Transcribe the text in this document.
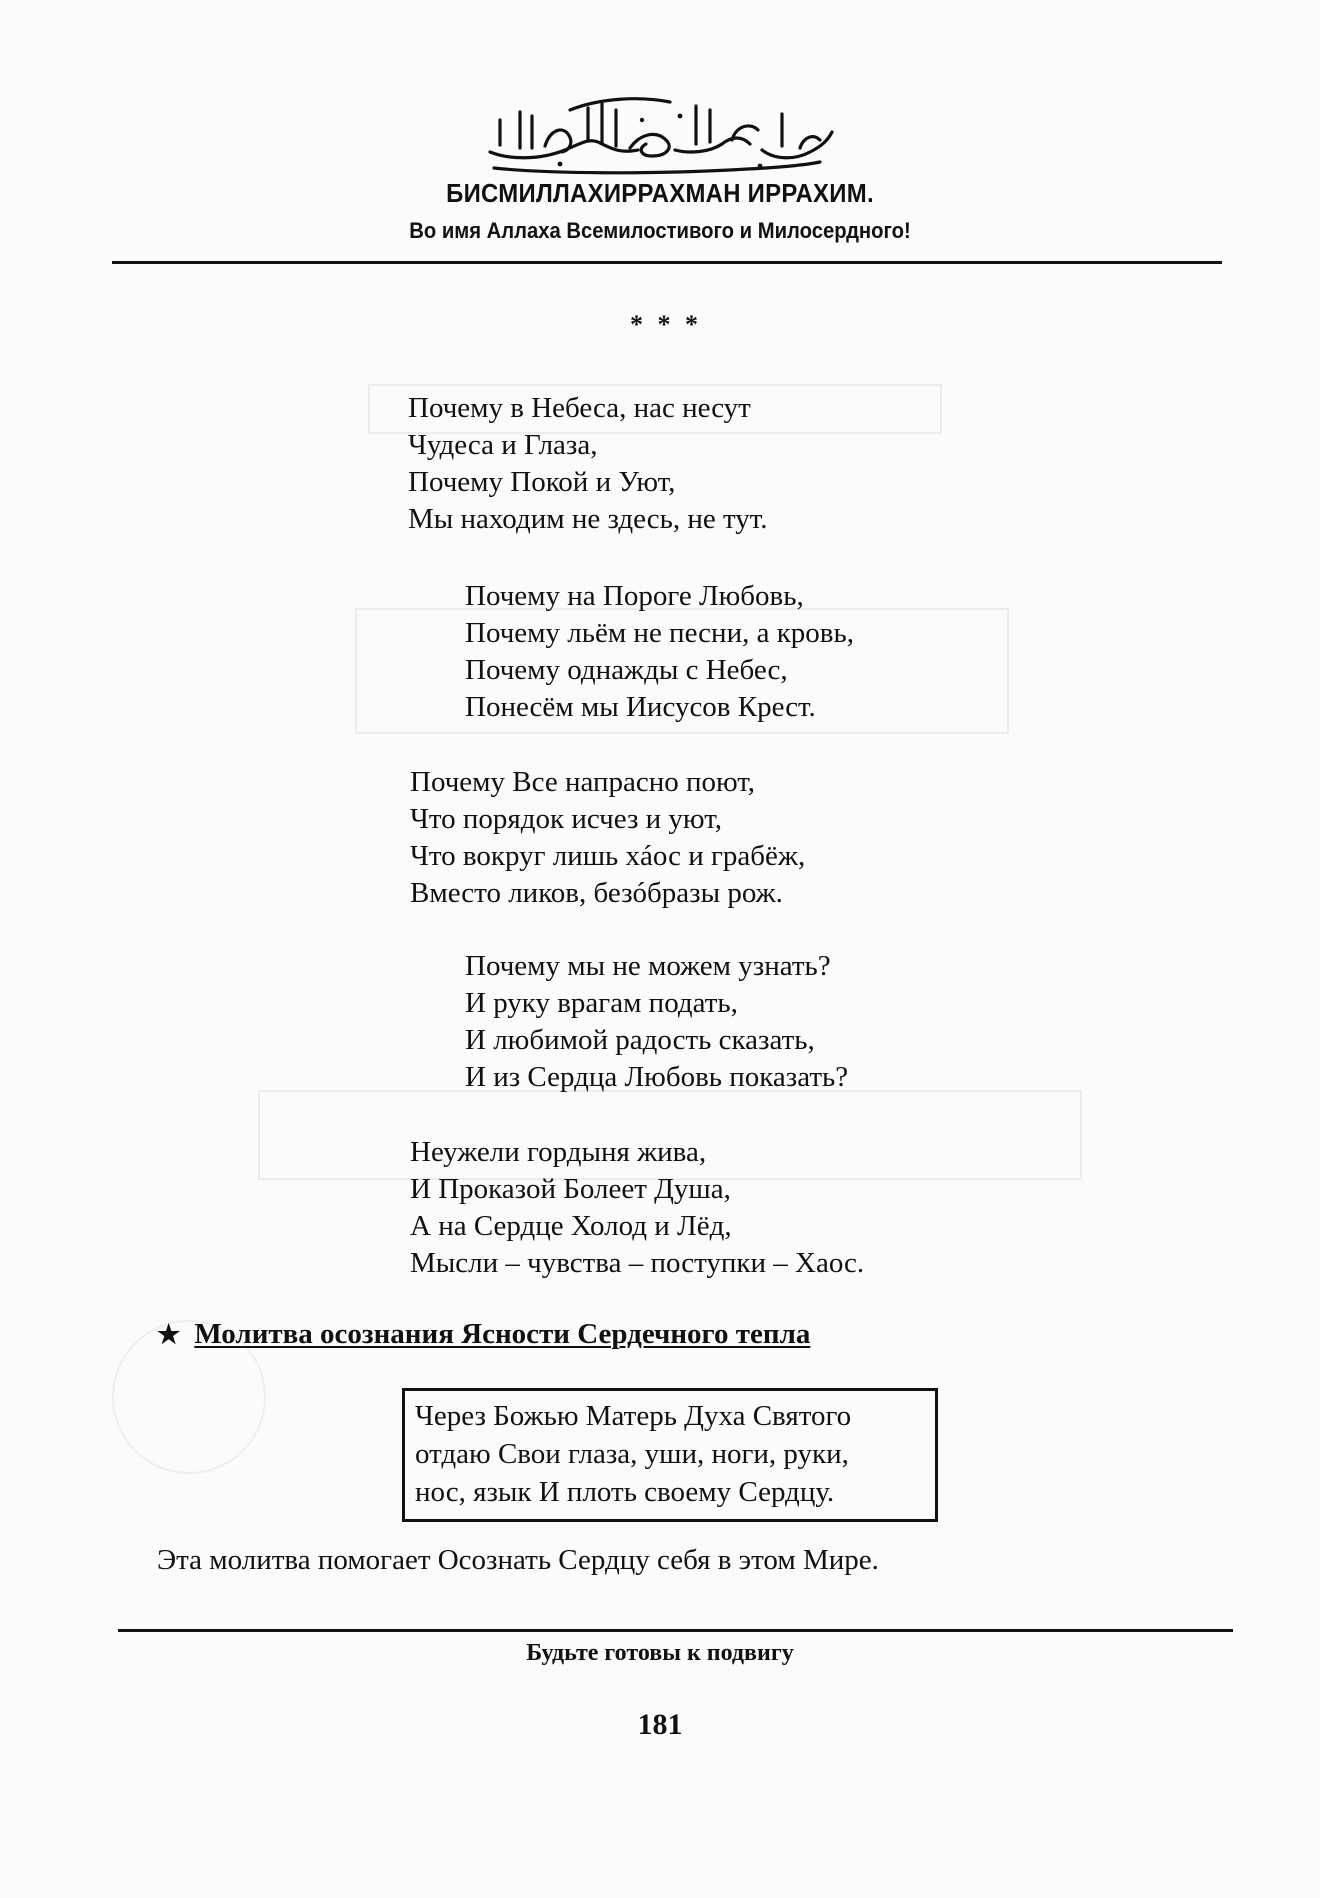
БИСМИЛЛАХИРРАХМАН ИРРАХИМ.
Во имя Аллаха Всемилостивого и Милосердного!
* * *
Почему в Небеса, нас несут
Чудеса и Глаза,
Почему Покой и Уют,
Мы находим не здесь, не тут.
Почему на Пороге Любовь,
Почему льём не песни, а кровь,
Почему однажды с Небес,
Понесём мы Иисусов Крест.
Почему Все напрасно поют,
Что порядок исчез и уют,
Что вокруг лишь хáос и грабёж,
Вместо ликов, безóбразы рож.
Почему мы не можем узнать?
И руку врагам подать,
И любимой радость сказать,
И из Сердца Любовь показать?
Неужели гордыня жива,
И Проказой Болеет Душа,
А на Сердце Холод и Лёд,
Мысли – чувства – поступки – Хаос.
★ Молитва осознания Ясности Сердечного тепла
Через Божью Матерь Духа Святого
отдаю Свои глаза, уши, ноги, руки,
нос, язык И плоть своему Сердцу.
Эта молитва помогает Осознать Сердцу себя в этом Мире.
Будьте готовы к подвигу
181
